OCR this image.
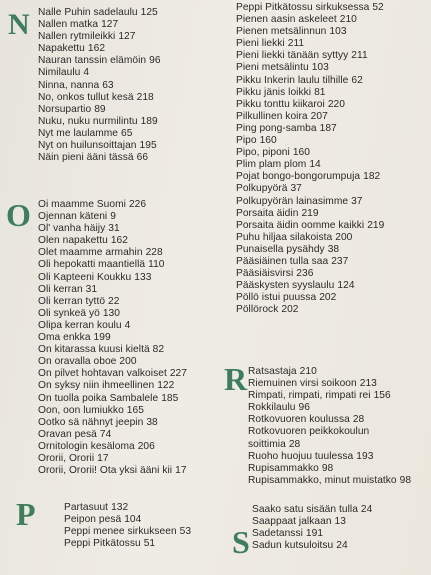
N Nalle Puhin sadelaulu 125
Nallen matka 127
Nallen rytmileikki 127
Napakettu 162
Nauran tanssin elämöin 96
Nimilaulu 4
Ninna, nanna 63
No, onkos tullut kesä 218
Norsupartio 89
Nuku, nuku nurmilintu 189
Nyt me laulamme 65
Nyt on huilunsoittajan 195
Näin pieni ääni tässä 66
O Oi maamme Suomi 226
Ojennan käteni 9
Ol' vanha häijy 31
Olen napakettu 162
Olet maamme armahin 228
Oli hepokatti maantiellä 110
Oli Kapteeni Koukku 133
Oli kerran 31
Oli kerran tyttö 22
Oli synkeä yö 130
Olipa kerran koulu 4
Oma enkka 199
On kitarassa kuusi kieltä 82
On oravalla oboe 200
On pilvet hohtavan valkoiset 227
On syksy niin ihmeellinen 122
On tuolla poika Sambalele 185
Oon, oon lumiukko 165
Ootko sä nähnyt jeepin 38
Oravan pesä 74
Ornitologin kesäloma 206
Ororii, Ororii 17
Ororii, Ororii! Ota yksi ääni kii 17
P	Partasuut 132
Peipon pesä 104
Peppi menee sirkukseen 53
Peppi Pitkätossu 51
Peppi Pitkätossu sirkuksessa 52
Pienen aasin askeleet 210
Pienen metsälinnun 103
Pieni liekki 211
Pieni liekki tänään syttyy 211
Pieni metsälintu 103
Pikku Inkerin laulu tilhille 62
Pikku jänis loikki 81
Pikku tonttu kiikaroi 220
Pilkullinen koira 207
Ping pong-samba 187
Pipo 160
Pipo, piponi 160
Plim plam plom 14
Pojat bongo-bongorumpuja 182
Polkupyörä 37
Polkupyörän lainasimme 37
Porsaita äidin 219
Porsaita äidin oomme kaikki 219
Puhu hiljaa silakoista 200
Punaisella pysähdy 38
Pääsiäinen tulla saa 237
Pääsiäisvirsi 236
Pääskysten syyslaulu 124
Pöllö istui puussa 202
Pöllörock 202
R Ratsastaja 210
Riemuinen virsi soikoon 213
Rimpati, rimpati, rimpati rei 156
Rokkilaulu 96
Rotkovuoren koulussa 28
Rotkovuoren peikkokoulun
soittimia 28
Ruoho huojuu tuulessa 193
Rupisammakko 98
Rupisammakko, minut muistatko 98
S
Saako satu sisään tulla 24
Saappaat jalkaan 13
Sadetanssi 191
Sadun kutsuloitsu 24
